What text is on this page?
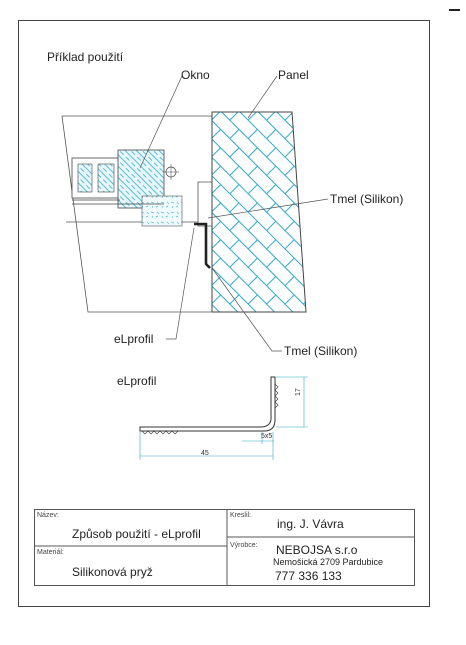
Příklad použití
Okno	Panel
Tmel (Silikon)
eLprofil
Tmel (Silikon)
eLprofil
17
5x5
45
Název:
Způsob použití - eLprofil
Materiál:
Silikonová pryž
Kreslil:
ing. J. Vávra
Výrobce: NEBOJSA s.r.o
Nemošická 2709 Pardubice
777 336 133
